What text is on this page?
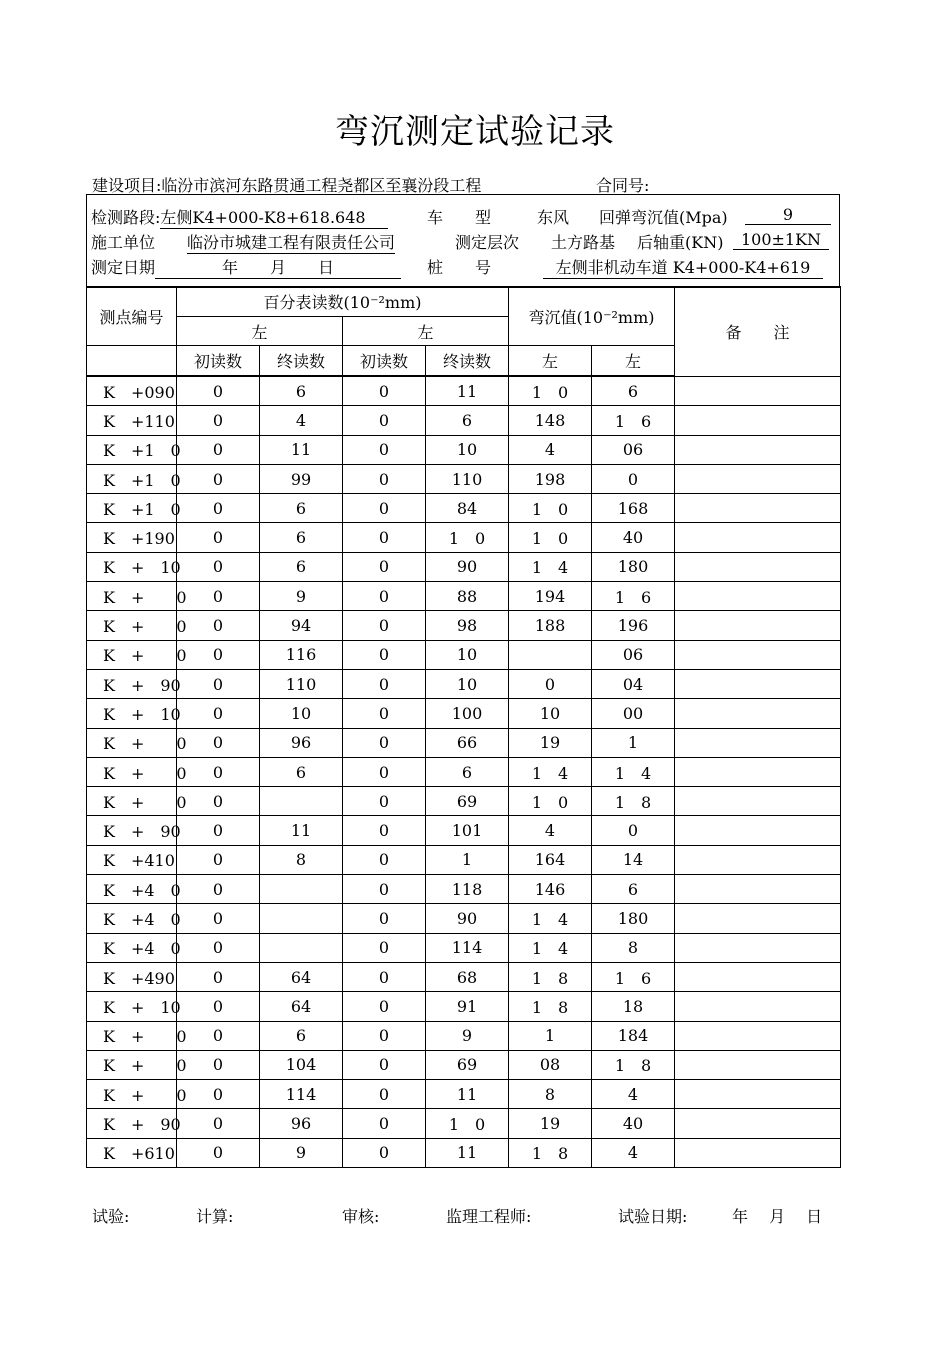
弯沉测定试验记录
建设项目:临汾市滨河东路贯通工程尧都区至襄汾段工程	合同号:
检测路段:左侧K4+000-K8+618.648	车　　型	东风 回弹弯沉值(Mpa)	9
施工单位 临汾市城建工程有限责任公司	测定层次 土方路基 后轴重(KN)	100±1KN
测定日期	年　　月　　日	桩　　号	左侧非机动车道 K4+000-K4+619
测点编号	百分表读数(10⁻²mm)				弯沉值(10⁻²mm)		备　　注
	左		左				
	初读数	终读数	初读数	终读数	左	左	
K　+090	0	6	0	11	1　0	6	
K　+110	0	4	0	6	148	1　6	
K　+1　0	0	11	0	10	4	06	
K　+1　0	0	99	0	110	198	0	
K　+1　0	0	6	0	84	1　0	168	
K　+190	0	6	0	1　0	1　0	40	
K　+　10	0	6	0	90	1　4	180	
K　+　　0	0	9	0	88	194	1　6	
K　+　　0	0	94	0	98	188	196	
K　+　　0	0	116	0	10		06	
K　+　90	0	110	0	10	0	04	
K　+　10	0	10	0	100	10	00	
K　+　　0	0	96	0	66	19	1	
K　+　　0	0	6	0	6	1　4	1　4	
K　+　　0	0		0	69	1　0	1　8	
K　+　90	0	11	0	101	4	0	
K　+410	0	8	0	1	164	14	
K　+4　0	0		0	118	146	6	
K　+4　0	0		0	90	1　4	180	
K　+4　0	0		0	114	1　4	8	
K　+490	0	64	0	68	1　8	1　6	
K　+　10	0	64	0	91	1　8	18	
K　+　　0	0	6	0	9	1	184	
K　+　　0	0	104	0	69	08	1　8	
K　+　　0	0	114	0	11	8	4	
K　+　90	0	96	0	1　0	19	40	
K　+610	0	9	0	11	1　8	4	
试验:	计算:	审核:	监理工程师:	试验日期:	年　 月　 日
